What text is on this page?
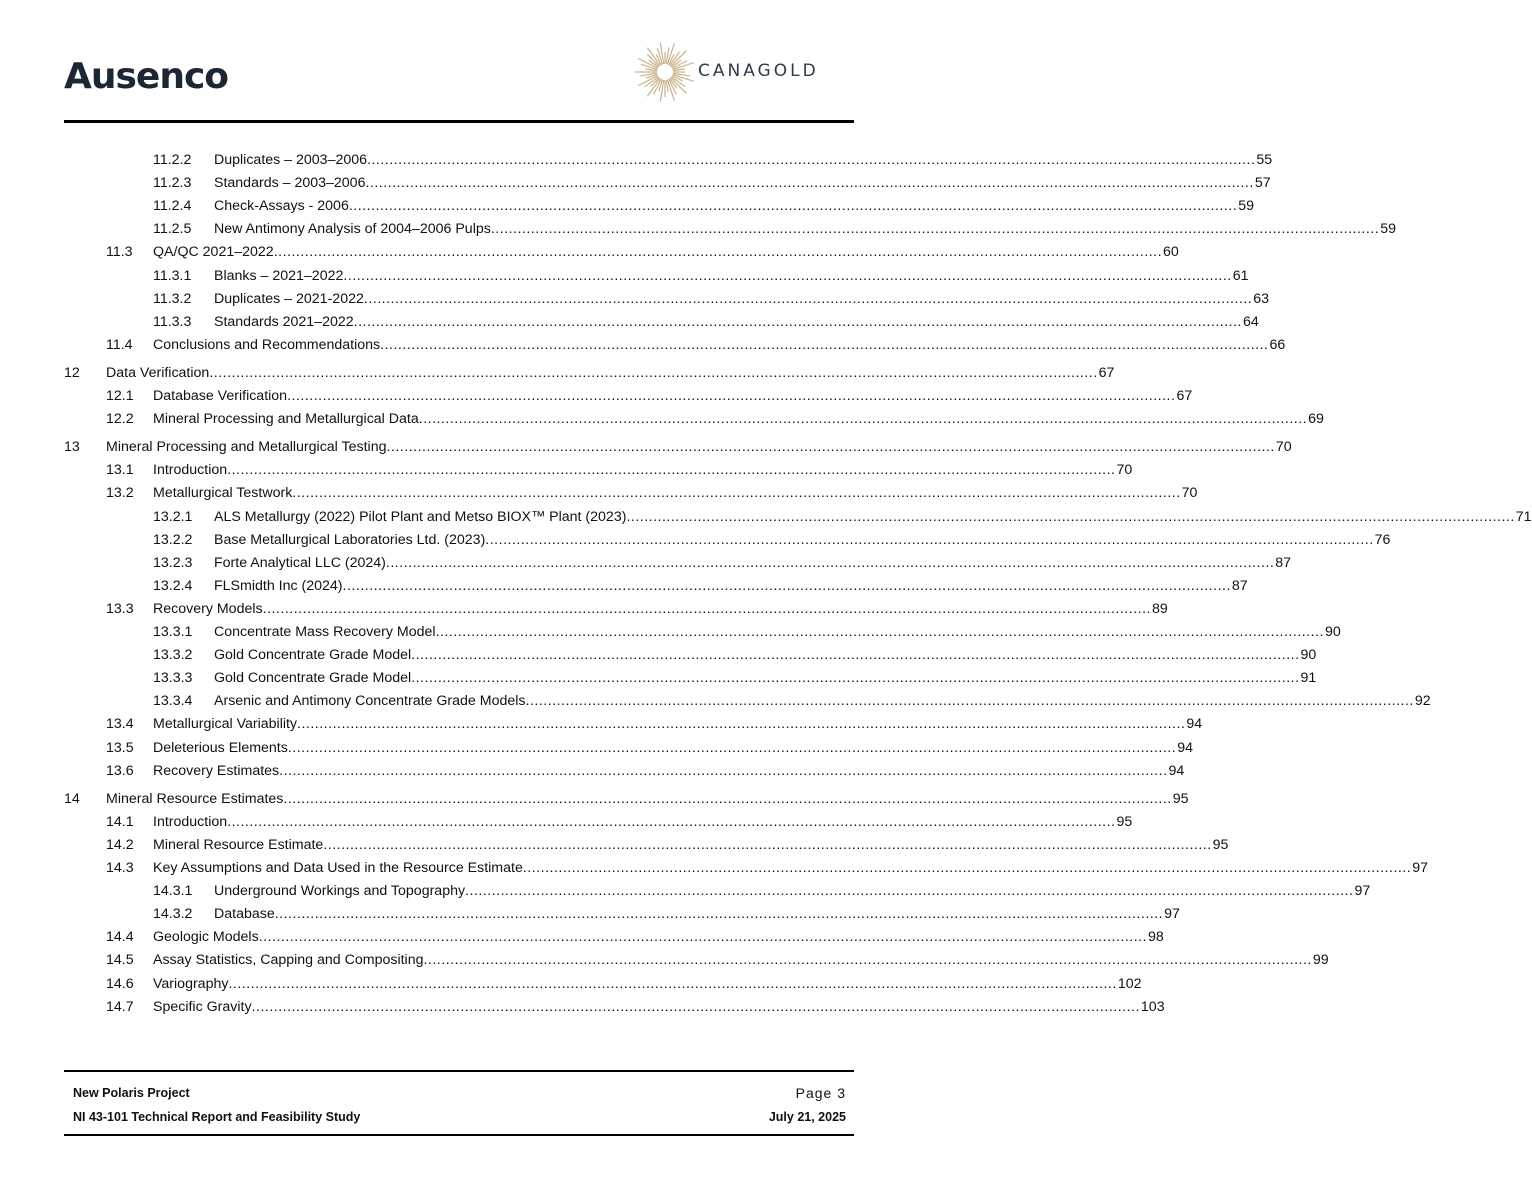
Ausenco	CANAGOLD
11.2.2 Duplicates – 2003–2006 ........................................................................................................................................................................................................ 55
11.2.3 Standards – 2003–2006 ........................................................................................................................................................................................................ 57
11.2.4 Check-Assays - 2006 ........................................................................................................................................................................................................ 59
11.2.5 New Antimony Analysis of 2004–2006 Pulps ........................................................................................................................................................................................................ 59
11.3 QA/QC 2021–2022 ........................................................................................................................................................................................................ 60
11.3.1 Blanks – 2021–2022 ........................................................................................................................................................................................................ 61
11.3.2 Duplicates – 2021-2022 ........................................................................................................................................................................................................ 63
11.3.3 Standards 2021–2022 ........................................................................................................................................................................................................ 64
11.4 Conclusions and Recommendations ........................................................................................................................................................................................................ 66
12 Data Verification ........................................................................................................................................................................................................ 67
12.1 Database Verification ........................................................................................................................................................................................................ 67
12.2 Mineral Processing and Metallurgical Data ........................................................................................................................................................................................................ 69
13 Mineral Processing and Metallurgical Testing ........................................................................................................................................................................................................ 70
13.1 Introduction ........................................................................................................................................................................................................ 70
13.2 Metallurgical Testwork ........................................................................................................................................................................................................ 70
13.2.1 ALS Metallurgy (2022) Pilot Plant and Metso BIOX™ Plant (2023) ........................................................................................................................................................................................................ 71
13.2.2 Base Metallurgical Laboratories Ltd. (2023) ........................................................................................................................................................................................................ 76
13.2.3 Forte Analytical LLC (2024) ........................................................................................................................................................................................................ 87
13.2.4 FLSmidth Inc (2024) ........................................................................................................................................................................................................ 87
13.3 Recovery Models ........................................................................................................................................................................................................ 89
13.3.1 Concentrate Mass Recovery Model ........................................................................................................................................................................................................ 90
13.3.2 Gold Concentrate Grade Model ........................................................................................................................................................................................................ 90
13.3.3 Gold Concentrate Grade Model ........................................................................................................................................................................................................ 91
13.3.4 Arsenic and Antimony Concentrate Grade Models ........................................................................................................................................................................................................ 92
13.4 Metallurgical Variability ........................................................................................................................................................................................................ 94
13.5 Deleterious Elements ........................................................................................................................................................................................................ 94
13.6 Recovery Estimates ........................................................................................................................................................................................................ 94
14 Mineral Resource Estimates ........................................................................................................................................................................................................ 95
14.1 Introduction ........................................................................................................................................................................................................ 95
14.2 Mineral Resource Estimate ........................................................................................................................................................................................................ 95
14.3 Key Assumptions and Data Used in the Resource Estimate ........................................................................................................................................................................................................ 97
14.3.1 Underground Workings and Topography ........................................................................................................................................................................................................ 97
14.3.2 Database ........................................................................................................................................................................................................ 97
14.4 Geologic Models ........................................................................................................................................................................................................ 98
14.5 Assay Statistics, Capping and Compositing ........................................................................................................................................................................................................ 99
14.6 Variography ........................................................................................................................................................................................................ 102
14.7 Specific Gravity ........................................................................................................................................................................................................ 103
New Polaris Project
NI 43-101 Technical Report and Feasibility Study
Page 3
July 21, 2025
